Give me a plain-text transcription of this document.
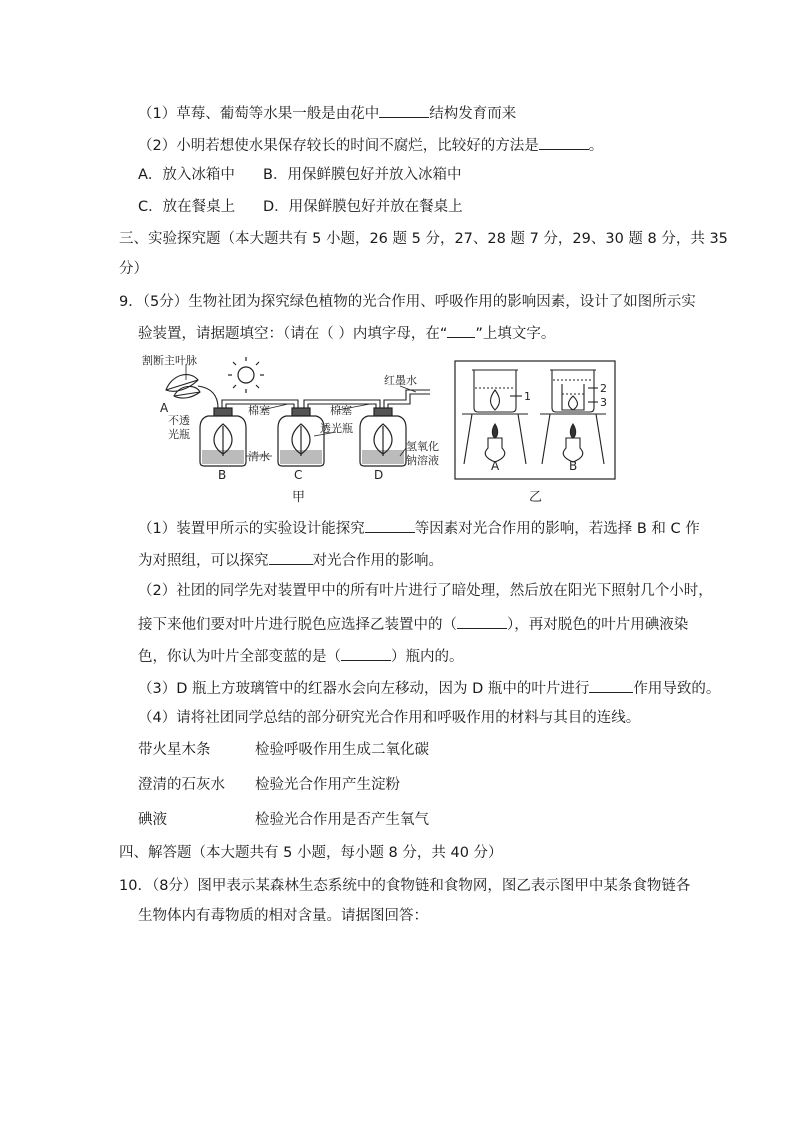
（1）草莓、葡萄等水果一般是由花中	结构发育而来
（2）小明若想使水果保存较长的时间不腐烂，比较好的方法是	。
A．放入冰箱中 B．用保鲜膜包好并放入冰箱中
C．放在餐桌上 D．用保鲜膜包好并放在餐桌上
三、实验探究题（本大题共有 5 小题，26 题 5 分，27、28 题 7 分，29、30 题 8 分，共 35
分）
9．（5分）生物社团为探究绿色植物的光合作用、呼吸作用的影响因素，设计了如图所示实
验装置，请据题填空：（请在（ ）内填字母，在“ ”上填文字。
割断主叶脉
A
不透
光瓶
棉塞	棉塞
红墨水
透光瓶
清水
氢氧化
钠溶液
B	C	D
甲
1
2
3
A	B
乙
（1）装置甲所示的实验设计能探究	等因素对光合作用的影响，若选择 B 和 C 作
为对照组，可以探究	对光合作用的影响。
（2）社团的同学先对装置甲中的所有叶片进行了暗处理，然后放在阳光下照射几个小时，
接下来他们要对叶片进行脱色应选择乙装置中的（	），再对脱色的叶片用碘液染
色，你认为叶片全部变蓝的是（	）瓶内的。
（3）D 瓶上方玻璃管中的红器水会向左移动，因为 D 瓶中的叶片进行	作用导致的。
（4）请将社团同学总结的部分研究光合作用和呼吸作用的材料与其目的连线。
带火星木条	检验呼吸作用生成二氧化碳
澄清的石灰水 检验光合作用产生淀粉
碘液	检验光合作用是否产生氧气
四、解答题（本大题共有 5 小题，每小题 8 分，共 40 分）
10．（8分）图甲表示某森林生态系统中的食物链和食物网，图乙表示图甲中某条食物链各
生物体内有毒物质的相对含量。请据图回答：
